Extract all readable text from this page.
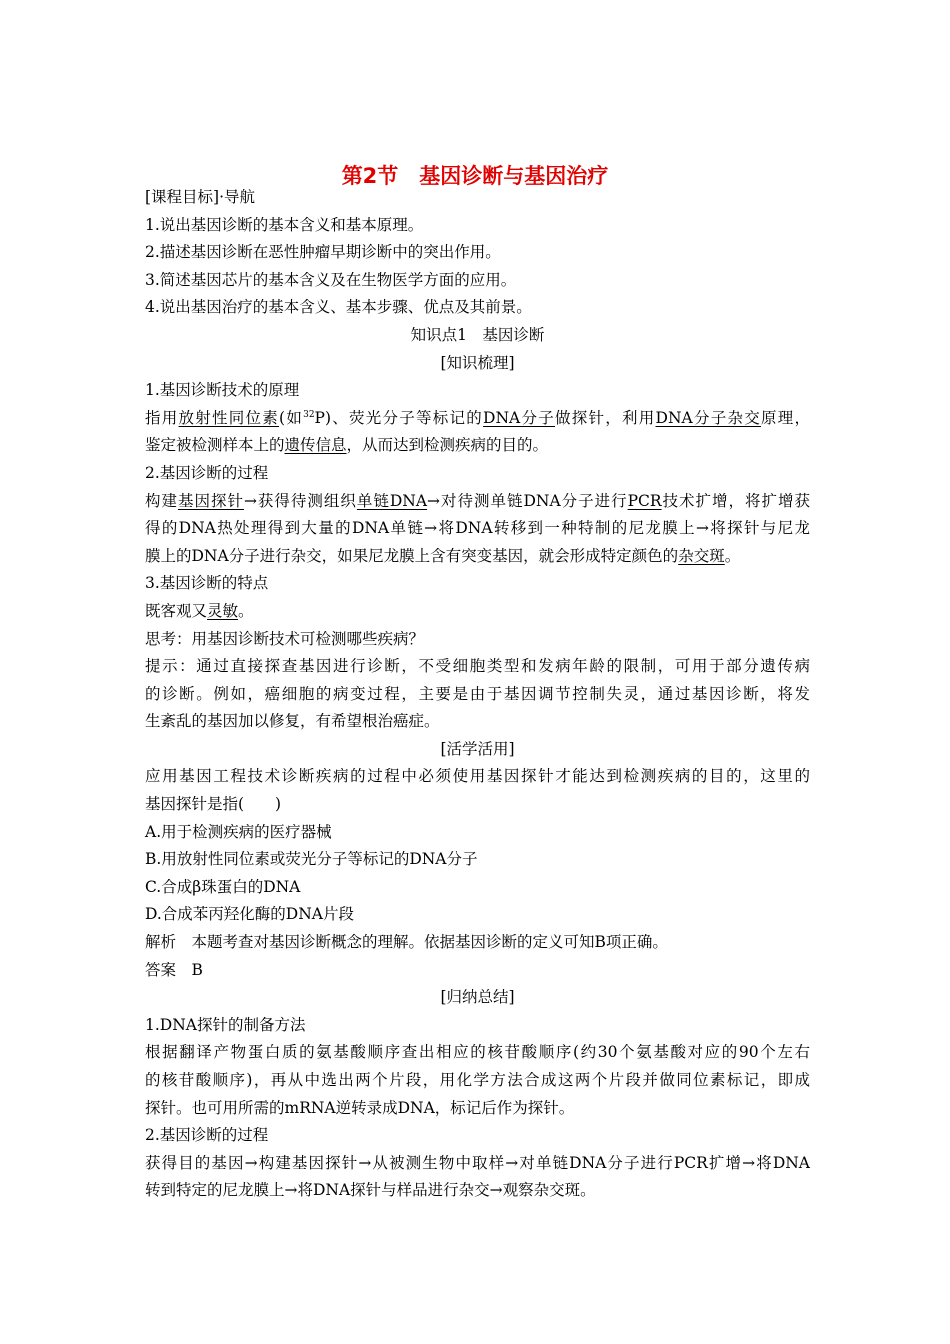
第2节　基因诊断与基因治疗
[课程目标]·导航
1.说出基因诊断的基本含义和基本原理。
2.描述基因诊断在恶性肿瘤早期诊断中的突出作用。
3.简述基因芯片的基本含义及在生物医学方面的应用。
4.说出基因治疗的基本含义、基本步骤、优点及其前景。
知识点1　基因诊断
[知识梳理]
1.基因诊断技术的原理
指用放射性同位素(如$^{32}$P)、荧光分子等标记的DNA分子做探针，利用DNA分子杂交原理，
鉴定被检测样本上的遗传信息，从而达到检测疾病的目的。
2.基因诊断的过程
构建基因探针→获得待测组织单链DNA→对待测单链DNA分子进行PCR技术扩增，将扩增获
得的DNA热处理得到大量的DNA单链→将DNA转移到一种特制的尼龙膜上→将探针与尼龙
膜上的DNA分子进行杂交，如果尼龙膜上含有突变基因，就会形成特定颜色的杂交斑。
3.基因诊断的特点
既客观又灵敏。
思考：用基因诊断技术可检测哪些疾病？
提示：通过直接探查基因进行诊断，不受细胞类型和发病年龄的限制，可用于部分遗传病
的诊断。例如，癌细胞的病变过程，主要是由于基因调节控制失灵，通过基因诊断，将发
生紊乱的基因加以修复，有希望根治癌症。
[活学活用]
应用基因工程技术诊断疾病的过程中必须使用基因探针才能达到检测疾病的目的，这里的
基因探针是指(　　)
A.用于检测疾病的医疗器械
B.用放射性同位素或荧光分子等标记的DNA分子
C.合成β珠蛋白的DNA
D.合成苯丙羟化酶的DNA片段
解析　本题考查对基因诊断概念的理解。依据基因诊断的定义可知B项正确。
答案　B
[归纳总结]
1.DNA探针的制备方法
根据翻译产物蛋白质的氨基酸顺序查出相应的核苷酸顺序(约30个氨基酸对应的90个左右
的核苷酸顺序)，再从中选出两个片段，用化学方法合成这两个片段并做同位素标记，即成
探针。也可用所需的mRNA逆转录成DNA，标记后作为探针。
2.基因诊断的过程
获得目的基因→构建基因探针→从被测生物中取样→对单链DNA分子进行PCR扩增→将DNA
转到特定的尼龙膜上→将DNA探针与样品进行杂交→观察杂交斑。
